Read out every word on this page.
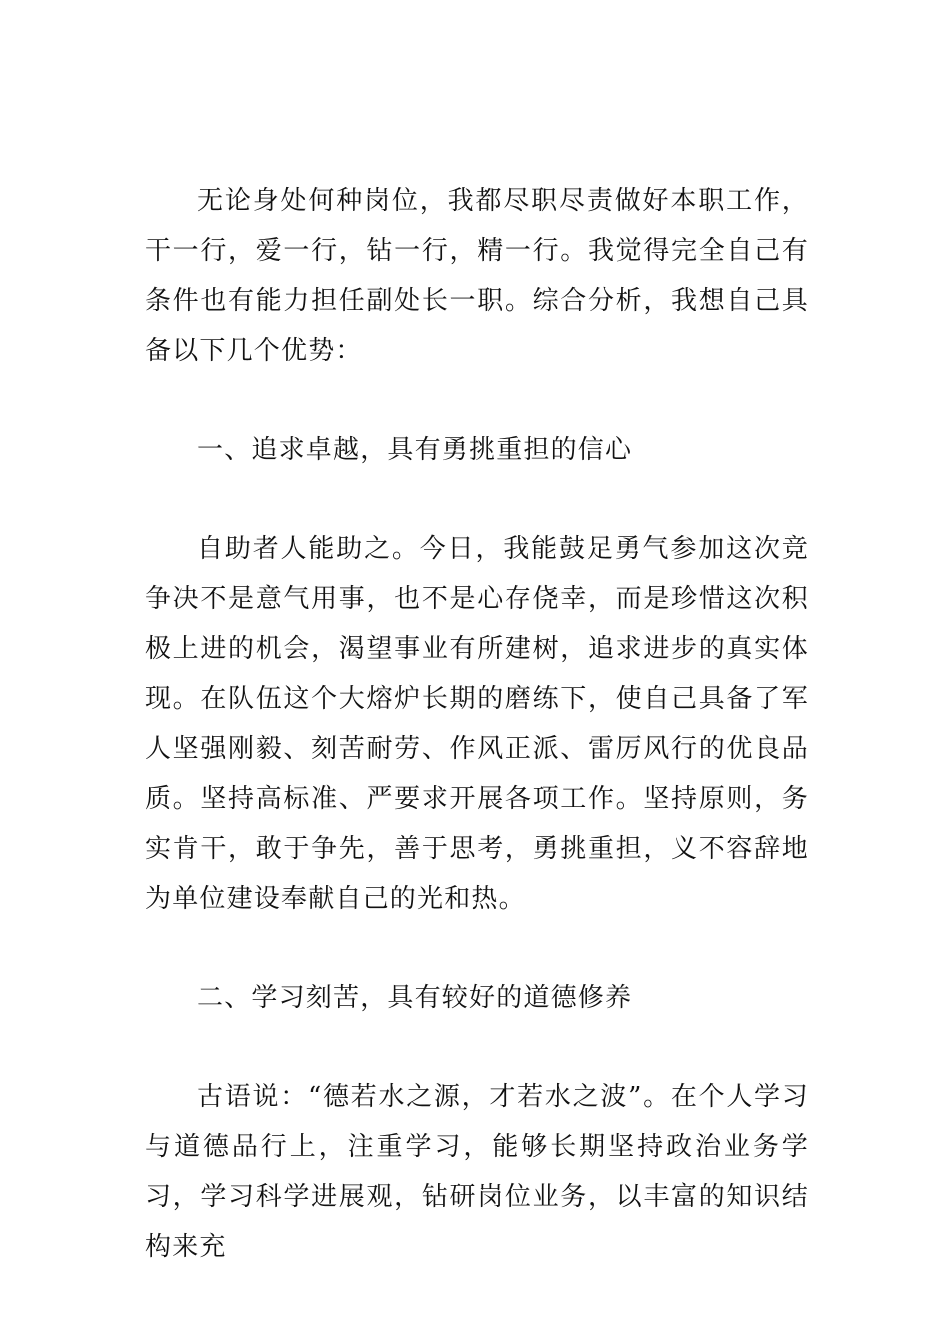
无论身处何种岗位，我都尽职尽责做好本职工作，干一行，爱一行，钻一行，精一行。我觉得完全自己有条件也有能力担任副处长一职。综合分析，我想自己具备以下几个优势：

一、追求卓越，具有勇挑重担的信心

自助者人能助之。今日，我能鼓足勇气参加这次竞争决不是意气用事，也不是心存侥幸，而是珍惜这次积极上进的机会，渴望事业有所建树，追求进步的真实体现。在队伍这个大熔炉长期的磨练下，使自己具备了军人坚强刚毅、刻苦耐劳、作风正派、雷厉风行的优良品质。坚持高标准、严要求开展各项工作。坚持原则，务实肯干，敢于争先，善于思考，勇挑重担，义不容辞地为单位建设奉献自己的光和热。

二、学习刻苦，具有较好的道德修养

古语说：“德若水之源，才若水之波”。在个人学习与道德品行上，注重学习，能够长期坚持政治业务学习，学习科学进展观，钻研岗位业务，以丰富的知识结构来充
